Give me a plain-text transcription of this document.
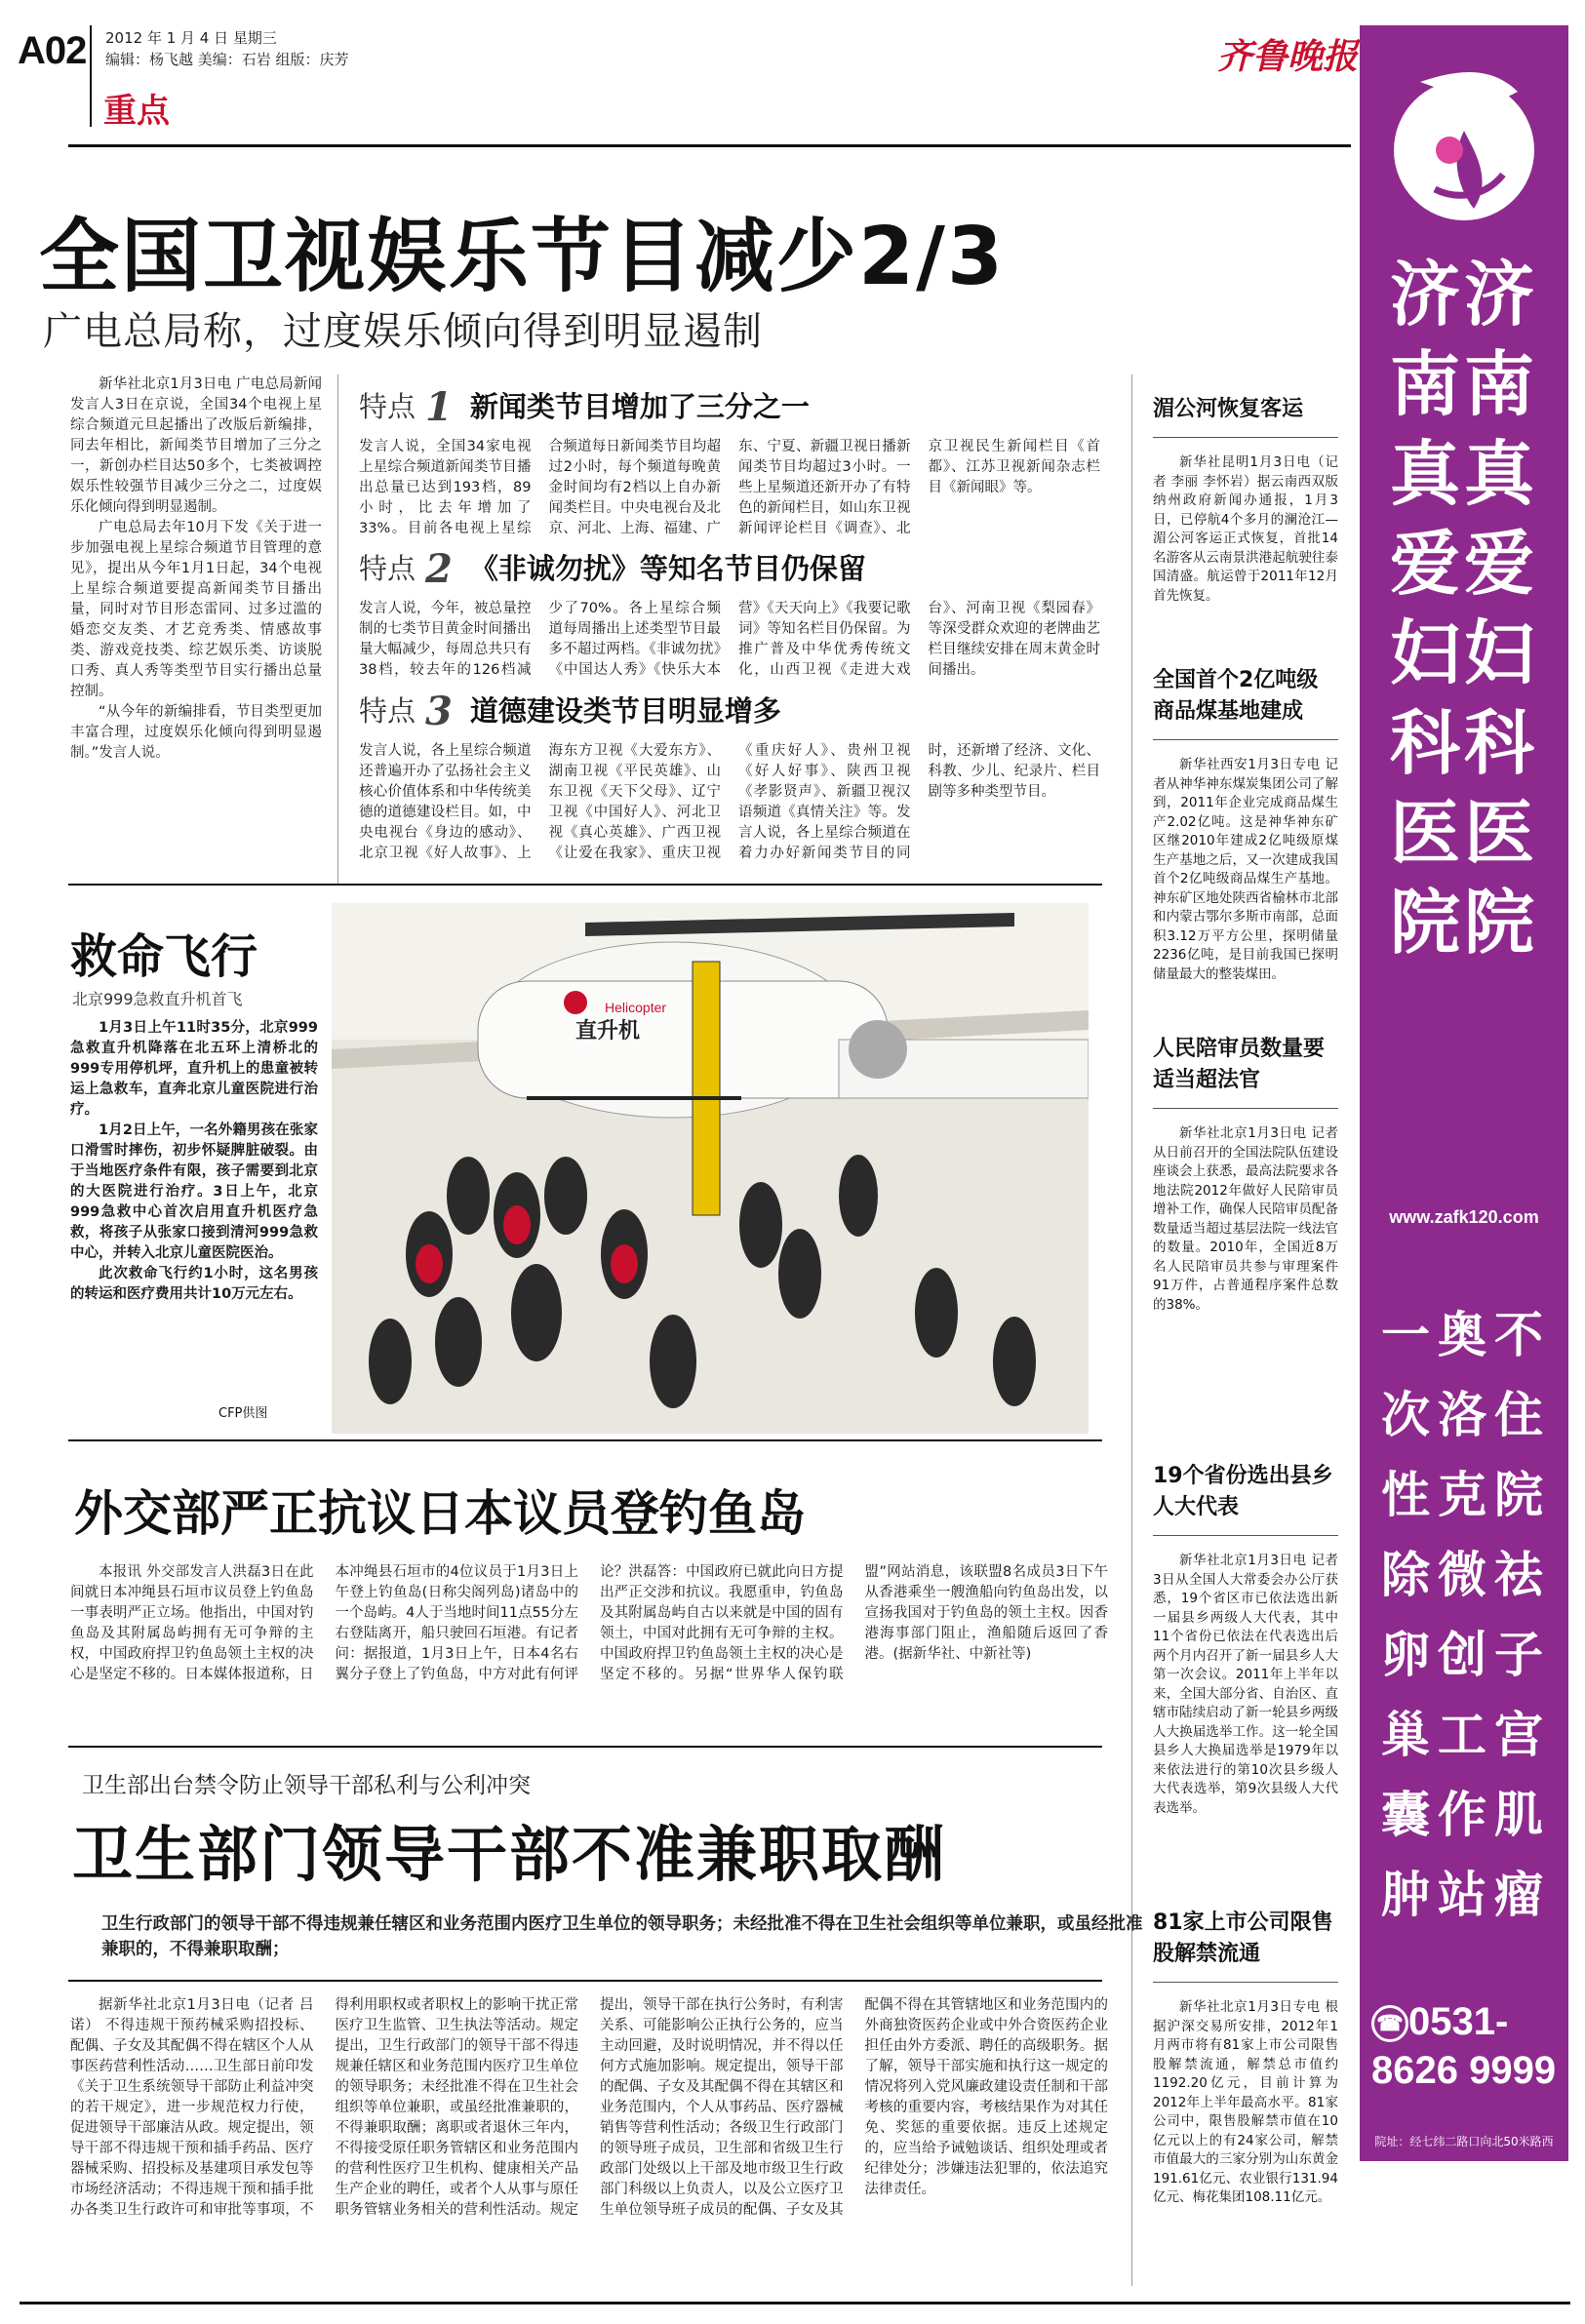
A02 2012 年 1 月 4 日 星期三
编辑：杨飞越 美编：石岩 组版：庆芳
重点
齐鲁晚报
全国卫视娱乐节目减少2/3
广电总局称，过度娱乐倾向得到明显遏制

新华社北京1月3日电 广电总局新闻发言人3日在京说，全国34个电视上星综合频道元旦起播出了改版后新编排，同去年相比，新闻类节目增加了三分之一，新创办栏目达50多个，七类被调控娱乐性较强节目减少三分之二，过度娱乐化倾向得到明显遏制。

广电总局去年10月下发《关于进一步加强电视上星综合频道节目管理的意见》，提出从今年1月1日起，34个电视上星综合频道要提高新闻类节目播出量，同时对节目形态雷同、过多过滥的婚恋交友类、才艺竞秀类、情感故事类、游戏竞技类、综艺娱乐类、访谈脱口秀、真人秀等类型节目实行播出总量控制。

“从今年的新编排看，节目类型更加丰富合理，过度娱乐化倾向得到明显遏制。”发言人说。

特点 1 新闻类节目增加了三分之一
发言人说，全国34家电视上星综合频道新闻类节目播出总量已达到193档，89小时，比去年增加了33%。目前各电视上星综合频道每日新闻类节目均超过2小时，每个频道每晚黄金时间均有2档以上自办新闻类栏目。中央电视台及北京、河北、上海、福建、广东、宁夏、新疆卫视日播新闻类节目均超过3小时。一些上星频道还新开办了有特色的新闻栏目，如山东卫视新闻评论栏目《调查》、北京卫视民生新闻栏目《首都》、江苏卫视新闻杂志栏目《新闻眼》等。
特点 2 《非诚勿扰》等知名节目仍保留
发言人说，今年，被总量控制的七类节目黄金时间播出量大幅减少，每周总共只有38档，较去年的126档减少了70%。各上星综合频道每周播出上述类型节目最多不超过两档。《非诚勿扰》《中国达人秀》《快乐大本营》《天天向上》《我要记歌词》等知名栏目仍保留。为推广普及中华优秀传统文化，山西卫视《走进大戏台》、河南卫视《梨园春》等深受群众欢迎的老牌曲艺栏目继续安排在周末黄金时间播出。
特点 3 道德建设类节目明显增多
发言人说，各上星综合频道还普遍开办了弘扬社会主义核心价值体系和中华传统美德的道德建设栏目。如，中央电视台《身边的感动》、北京卫视《好人故事》、上海东方卫视《大爱东方》、湖南卫视《平民英雄》、山东卫视《天下父母》、辽宁卫视《中国好人》、河北卫视《真心英雄》、广西卫视《让爱在我家》、重庆卫视《重庆好人》、贵州卫视《好人好事》、陕西卫视《孝影贤声》、新疆卫视汉语频道《真情关注》等。发言人说，各上星综合频道在着力办好新闻类节目的同时，还新增了经济、文化、科教、少儿、纪录片、栏目剧等多种类型节目。
湄公河恢复客运

新华社昆明1月3日电（记者 李丽 李怀岩）据云南西双版纳州政府新闻办通报，1月3日，已停航4个多月的澜沧江—湄公河客运正式恢复，首批14名游客从云南景洪港起航驶往泰国清盛。航运曾于2011年12月首先恢复。

全国首个2亿吨级商品煤基地建成

新华社西安1月3日专电 记者从神华神东煤炭集团公司了解到，2011年企业完成商品煤生产2.02亿吨。这是神华神东矿区继2010年建成2亿吨级原煤生产基地之后，又一次建成我国首个2亿吨级商品煤生产基地。神东矿区地处陕西省榆林市北部和内蒙古鄂尔多斯市南部，总面积3.12万平方公里，探明储量2236亿吨，是目前我国已探明储量最大的整装煤田。

人民陪审员数量要适当超法官

新华社北京1月3日电 记者从日前召开的全国法院队伍建设座谈会上获悉，最高法院要求各地法院2012年做好人民陪审员增补工作，确保人民陪审员配备数量适当超过基层法院一线法官的数量。2010年，全国近8万名人民陪审员共参与审理案件91万件，占普通程序案件总数的38%。

19个省份选出县乡人大代表

新华社北京1月3日电 记者3日从全国人大常委会办公厅获悉，19个省区市已依法选出新一届县乡两级人大代表，其中11个省份已依法在代表选出后两个月内召开了新一届县乡人大第一次会议。2011年上半年以来，全国大部分省、自治区、直辖市陆续启动了新一轮县乡两级人大换届选举工作。这一轮全国县乡人大换届选举是1979年以来依法进行的第10次县乡级人大代表选举，第9次县级人大代表选举。

81家上市公司限售股解禁流通

新华社北京1月3日专电 根据沪深交易所安排，2012年1月两市将有81家上市公司限售股解禁流通，解禁总市值约1192.20亿元，目前计算为2012年上半年最高水平。81家公司中，限售股解禁市值在10亿元以上的有24家公司，解禁市值最大的三家分别为山东黄金191.61亿元、农业银行131.94亿元、梅花集团108.11亿元。

济济
南南
真真
爱爱
妇妇
科科
医医
院院
www.zafk120.com
一奥不
次洛住
性克院
除微祛
卵创子
巢工宫
囊作肌
肿站瘤
☎ 0531-
8626 9999
院址：经七纬二路口向北50米路西
救命飞行
北京999急救直升机首飞

1月3日上午11时35分，北京999急救直升机降落在北五环上清桥北的999专用停机坪，直升机上的患童被转运上急救车，直奔北京儿童医院进行治疗。

1月2日上午，一名外籍男孩在张家口滑雪时摔伤，初步怀疑脾脏破裂。由于当地医疗条件有限，孩子需要到北京的大医院进行治疗。3日上午，北京999急救中心首次启用直升机医疗急救，将孩子从张家口接到清河999急救中心，并转入北京儿童医院医治。

此次救命飞行约1小时，这名男孩的转运和医疗费用共计10万元左右。

CFP供图
Helicopter
直升机
外交部严正抗议日本议员登钓鱼岛

本报讯 外交部发言人洪磊3日在此间就日本冲绳县石垣市议员登上钓鱼岛一事表明严正立场。他指出，中国对钓鱼岛及其附属岛屿拥有无可争辩的主权，中国政府捍卫钓鱼岛领土主权的决心是坚定不移的。日本媒体报道称，日本冲绳县石垣市的4位议员于1月3日上午登上钓鱼岛(日称尖阁列岛)诸岛中的一个岛屿。4人于当地时间11点55分左右登陆离开，船只驶回石垣港。有记者问：据报道，1月3日上午，日本4名右翼分子登上了钓鱼岛，中方对此有何评论？洪磊答：中国政府已就此向日方提出严正交涉和抗议。我愿重申，钓鱼岛及其附属岛屿自古以来就是中国的固有领土，中国对此拥有无可争辩的主权。中国政府捍卫钓鱼岛领土主权的决心是坚定不移的。另据“世界华人保钓联盟”网站消息，该联盟8名成员3日下午从香港乘坐一艘渔船向钓鱼岛出发，以宣扬我国对于钓鱼岛的领土主权。因香港海事部门阻止，渔船随后返回了香港。(据新华社、中新社等)

卫生部出台禁令防止领导干部私利与公利冲突
卫生部门领导干部不准兼职取酬
卫生行政部门的领导干部不得违规兼任辖区和业务范围内医疗卫生单位的领导职务；未经批准不得在卫生社会组织等单位兼职，或虽经批准兼职的，不得兼职取酬；

据新华社北京1月3日电（记者 吕诺） 不得违规干预药械采购招投标、配偶、子女及其配偶不得在辖区个人从事医药营利性活动……卫生部日前印发《关于卫生系统领导干部防止利益冲突的若干规定》，进一步规范权力行使，促进领导干部廉洁从政。规定提出，领导干部不得违规干预和插手药品、医疗器械采购、招投标及基建项目承发包等市场经济活动；不得违规干预和插手批办各类卫生行政许可和审批等事项，不得利用职权或者职权上的影响干扰正常医疗卫生监管、卫生执法等活动。规定提出，卫生行政部门的领导干部不得违规兼任辖区和业务范围内医疗卫生单位的领导职务；未经批准不得在卫生社会组织等单位兼职，或虽经批准兼职的，不得兼职取酬；离职或者退休三年内，不得接受原任职务管辖区和业务范围内的营利性医疗卫生机构、健康相关产品生产企业的聘任，或者个人从事与原任职务管辖业务相关的营利性活动。规定提出，领导干部在执行公务时，有利害关系、可能影响公正执行公务的，应当主动回避，及时说明情况，并不得以任何方式施加影响。规定提出，领导干部的配偶、子女及其配偶不得在其辖区和业务范围内，个人从事药品、医疗器械销售等营利性活动；各级卫生行政部门的领导班子成员，卫生部和省级卫生行政部门处级以上干部及地市级卫生行政部门科级以上负责人，以及公立医疗卫生单位领导班子成员的配偶、子女及其配偶不得在其管辖地区和业务范围内的外商独资医药企业或中外合资医药企业担任由外方委派、聘任的高级职务。据了解，领导干部实施和执行这一规定的情况将列入党风廉政建设责任制和干部考核的重要内容，考核结果作为对其任免、奖惩的重要依据。违反上述规定的，应当给予诫勉谈话、组织处理或者纪律处分；涉嫌违法犯罪的，依法追究法律责任。
